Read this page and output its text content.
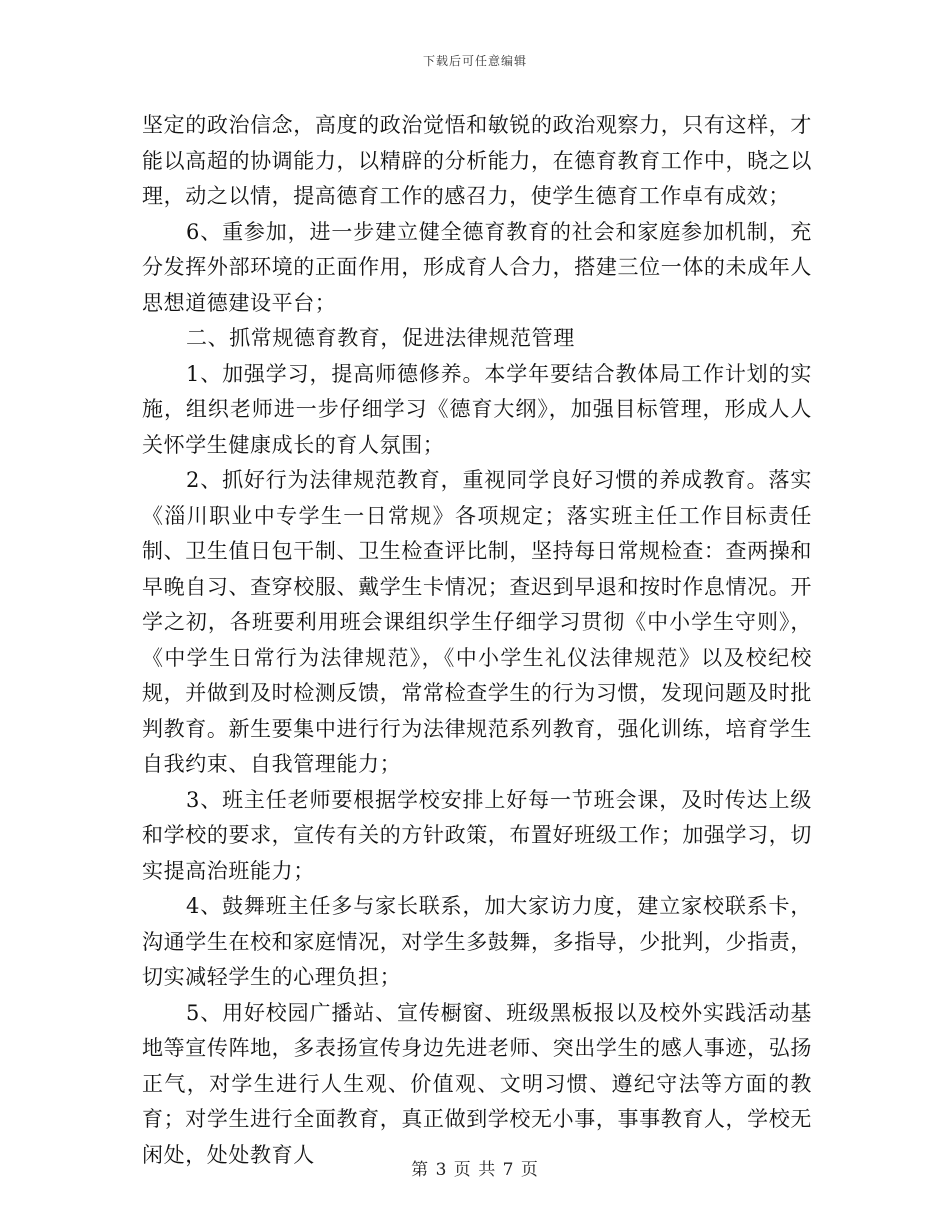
下载后可任意编辑

坚定的政治信念，高度的政治觉悟和敏锐的政治观察力，只有这样，才能以高超的协调能力，以精辟的分析能力，在德育教育工作中，晓之以理，动之以情，提高德育工作的感召力，使学生德育工作卓有成效；

6、重参加，进一步建立健全德育教育的社会和家庭参加机制，充分发挥外部环境的正面作用，形成育人合力，搭建三位一体的未成年人思想道德建设平台；

二、抓常规德育教育，促进法律规范管理

1、加强学习，提高师德修养。本学年要结合教体局工作计划的实施，组织老师进一步仔细学习《德育大纲》，加强目标管理，形成人人关怀学生健康成长的育人氛围；

2、抓好行为法律规范教育，重视同学良好习惯的养成教育。落实《淄川职业中专学生一日常规》各项规定；落实班主任工作目标责任制、卫生值日包干制、卫生检查评比制，坚持每日常规检查：查两操和早晚自习、查穿校服、戴学生卡情况；查迟到早退和按时作息情况。开学之初，各班要利用班会课组织学生仔细学习贯彻《中小学生守则》，《中学生日常行为法律规范》，《中小学生礼仪法律规范》以及校纪校规，并做到及时检测反馈，常常检查学生的行为习惯，发现问题及时批判教育。新生要集中进行行为法律规范系列教育，强化训练，培育学生自我约束、自我管理能力；

3、班主任老师要根据学校安排上好每一节班会课，及时传达上级和学校的要求，宣传有关的方针政策，布置好班级工作；加强学习，切实提高治班能力；

4、鼓舞班主任多与家长联系，加大家访力度，建立家校联系卡，沟通学生在校和家庭情况，对学生多鼓舞，多指导，少批判，少指责，切实减轻学生的心理负担；

5、用好校园广播站、宣传橱窗、班级黑板报以及校外实践活动基地等宣传阵地，多表扬宣传身边先进老师、突出学生的感人事迹，弘扬正气，对学生进行人生观、价值观、文明习惯、遵纪守法等方面的教育；对学生进行全面教育，真正做到学校无小事，事事教育人，学校无闲处，处处教育人

第 3 页 共 7 页
